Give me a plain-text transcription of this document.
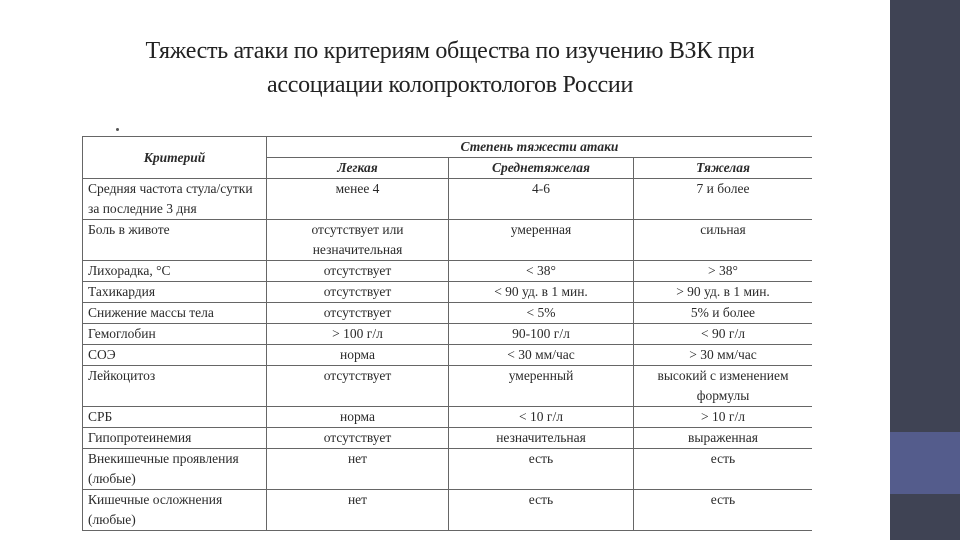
Тяжесть атаки по критериям общества по изучению ВЗК при
ассоциации колопроктологов России
Критерий	Степень тяжести атаки		
	Легкая	Среднетяжелая	Тяжелая
Средняя частота стула/сутки за последние 3 дня	менее 4	4-6	7 и более
Боль в животе	отсутствует или незначительная	умеренная	сильная
Лихорадка, °С	отсутствует	< 38°	> 38°
Тахикардия	отсутствует	< 90 уд. в 1 мин.	> 90 уд. в 1 мин.
Снижение массы тела	отсутствует	< 5%	5% и более
Гемоглобин	> 100 г/л	90-100 г/л	< 90 г/л
СОЭ	норма	< 30 мм/час	> 30 мм/час
Лейкоцитоз	отсутствует	умеренный	высокий с изменением формулы
СРБ	норма	< 10 г/л	> 10 г/л
Гипопротеинемия	отсутствует	незначительная	выраженная
Внекишечные проявления (любые)	нет	есть	есть
Кишечные осложнения (любые)	нет	есть	есть
